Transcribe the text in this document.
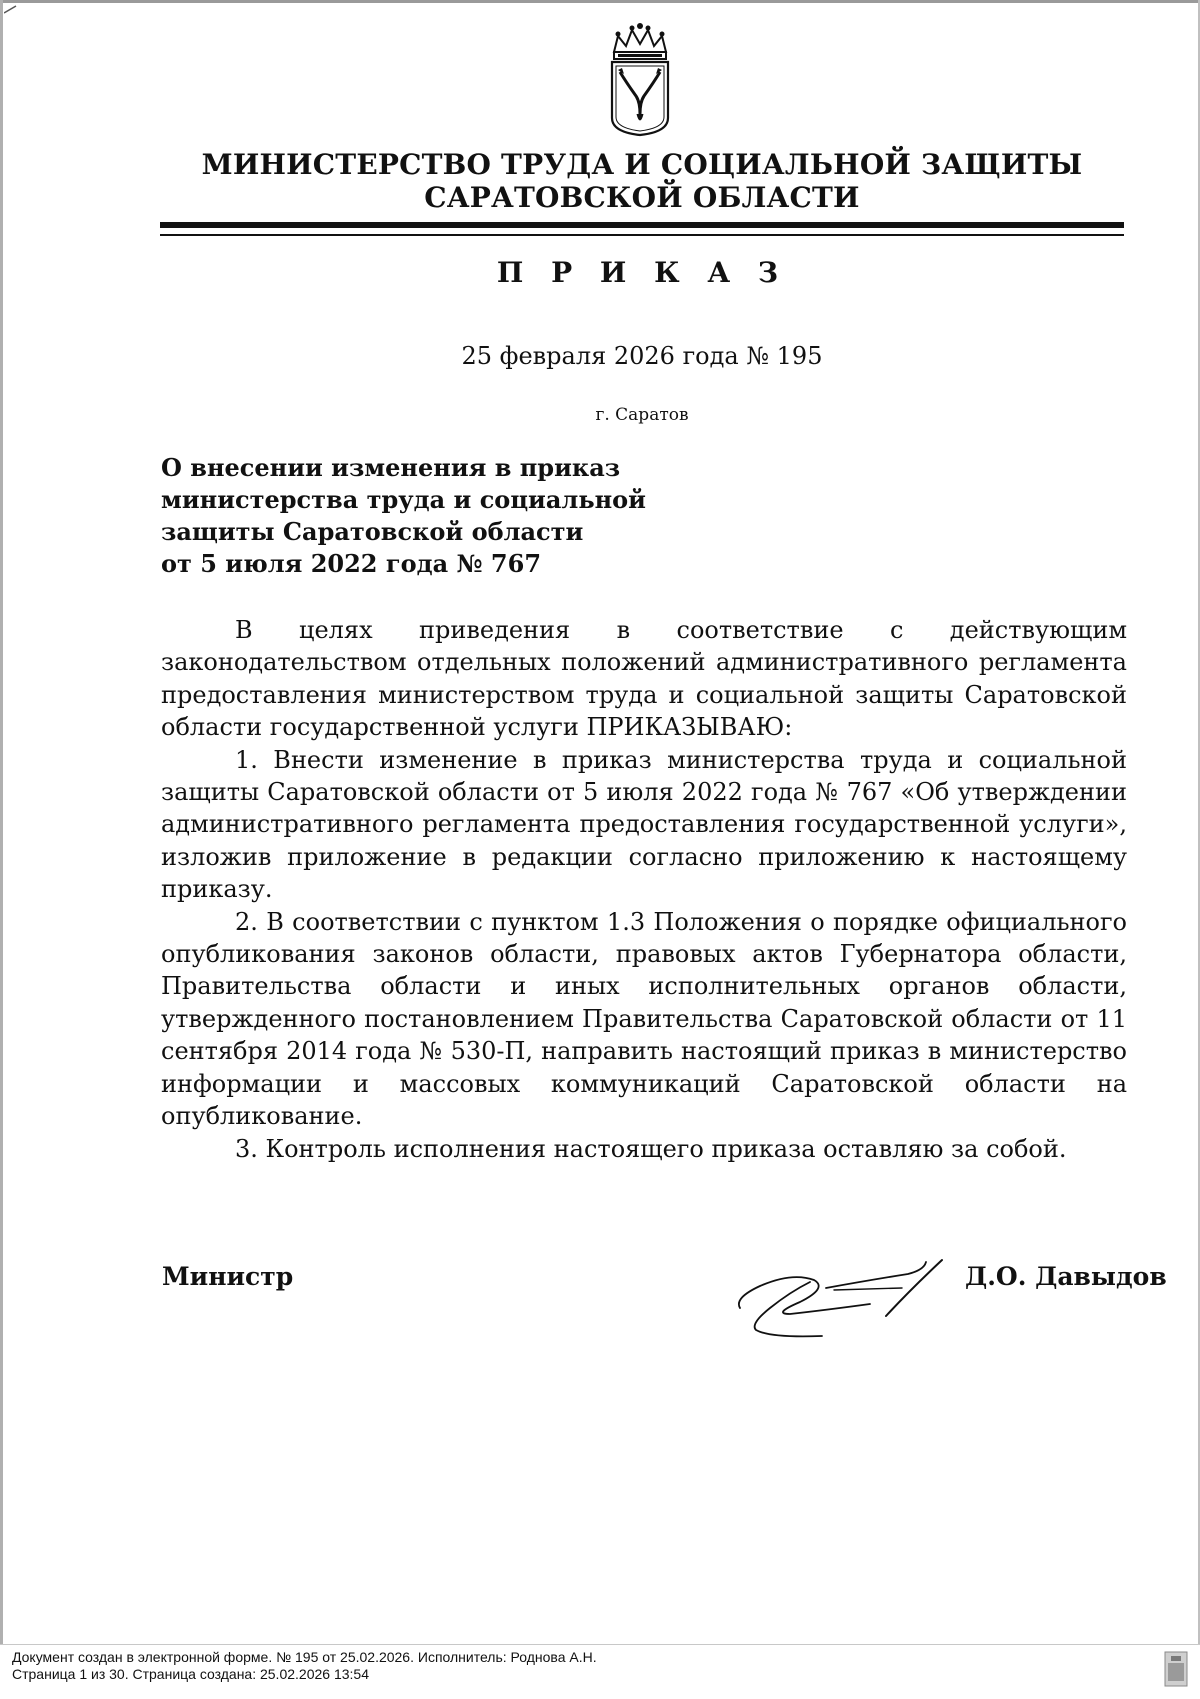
МИНИСТЕРСТВО ТРУДА И СОЦИАЛЬНОЙ ЗАЩИТЫ
САРАТОВСКОЙ ОБЛАСТИ
П Р И К А З
25 февраля 2026 года № 195
г. Саратов
О внесении изменения в приказ
министерства труда и социальной
защиты Саратовской области
от 5 июля 2022 года № 767

В целях приведения в соответствие с действующим законодательством отдельных положений административного регламента предоставления министерством труда и социальной защиты Саратовской области государственной услуги ПРИКАЗЫВАЮ:

1. Внести изменение в приказ министерства труда и социальной защиты Саратовской области от 5 июля 2022 года № 767 «Об утверждении административного регламента предоставления государственной услуги», изложив приложение в редакции согласно приложению к настоящему приказу.

2. В соответствии с пунктом 1.3 Положения о порядке официального опубликования законов области, правовых актов Губернатора области, Правительства области и иных исполнительных органов области, утвержденного постановлением Правительства Саратовской области от 11 сентября 2014 года № 530-П, направить настоящий приказ в министерство информации и массовых коммуникаций Саратовской области на опубликование.

3. Контроль исполнения настоящего приказа оставляю за собой.

Министр	Д.О. Давыдов
Документ создан в электронной форме. № 195 от 25.02.2026. Исполнитель: Роднова А.Н.
Страница 1 из 30. Страница создана: 25.02.2026 13:54
